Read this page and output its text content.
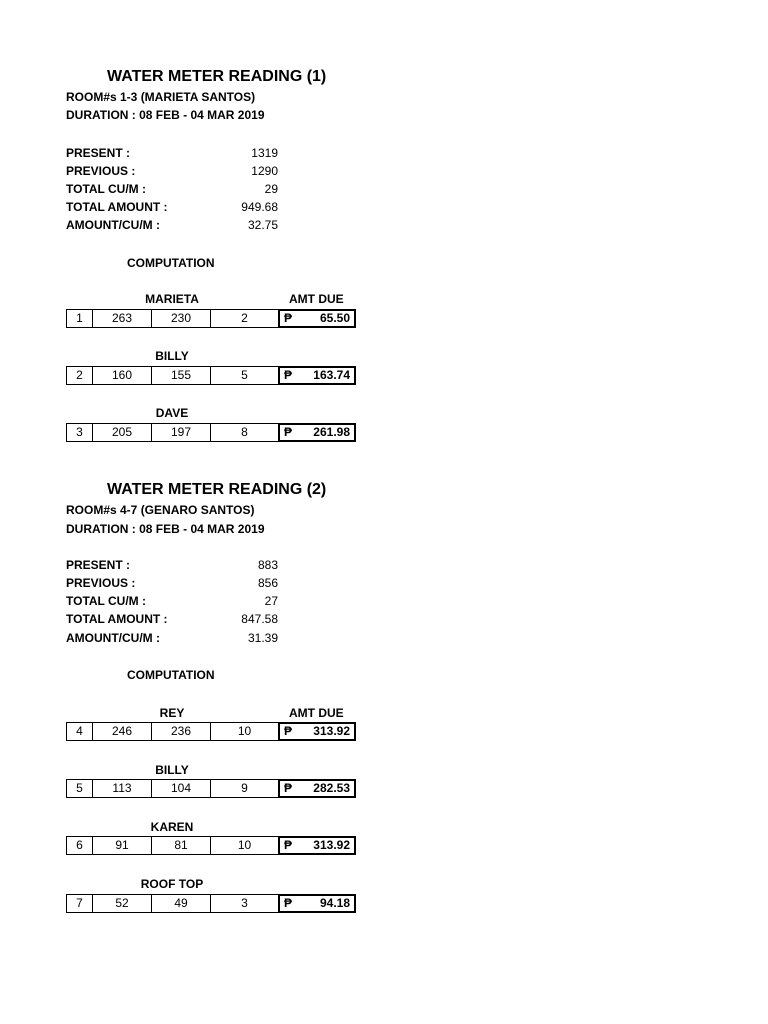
WATER METER READING (1)
ROOM#s 1-3 (MARIETA SANTOS)
DURATION : 08 FEB - 04 MAR 2019
PRESENT :	1319
PREVIOUS :	1290
TOTAL CU/M :	29
TOTAL AMOUNT :	949.68
AMOUNT/CU/M :	32.75
COMPUTATION
MARIETA	AMT DUE
1	263	230	2	₱ 65.50
BILLY
2	160	155	5	₱ 163.74
DAVE
3	205	197	8	₱ 261.98
WATER METER READING (2)
ROOM#s 4-7 (GENARO SANTOS)
DURATION : 08 FEB - 04 MAR 2019
PRESENT :	883
PREVIOUS :	856
TOTAL CU/M :	27
TOTAL AMOUNT :	847.58
AMOUNT/CU/M :	31.39
COMPUTATION
REY	AMT DUE
4	246	236	10	₱ 313.92
BILLY
5	113	104	9	₱ 282.53
KAREN
6	91	81	10	₱ 313.92
ROOF TOP
7	52	49	3	₱ 94.18
